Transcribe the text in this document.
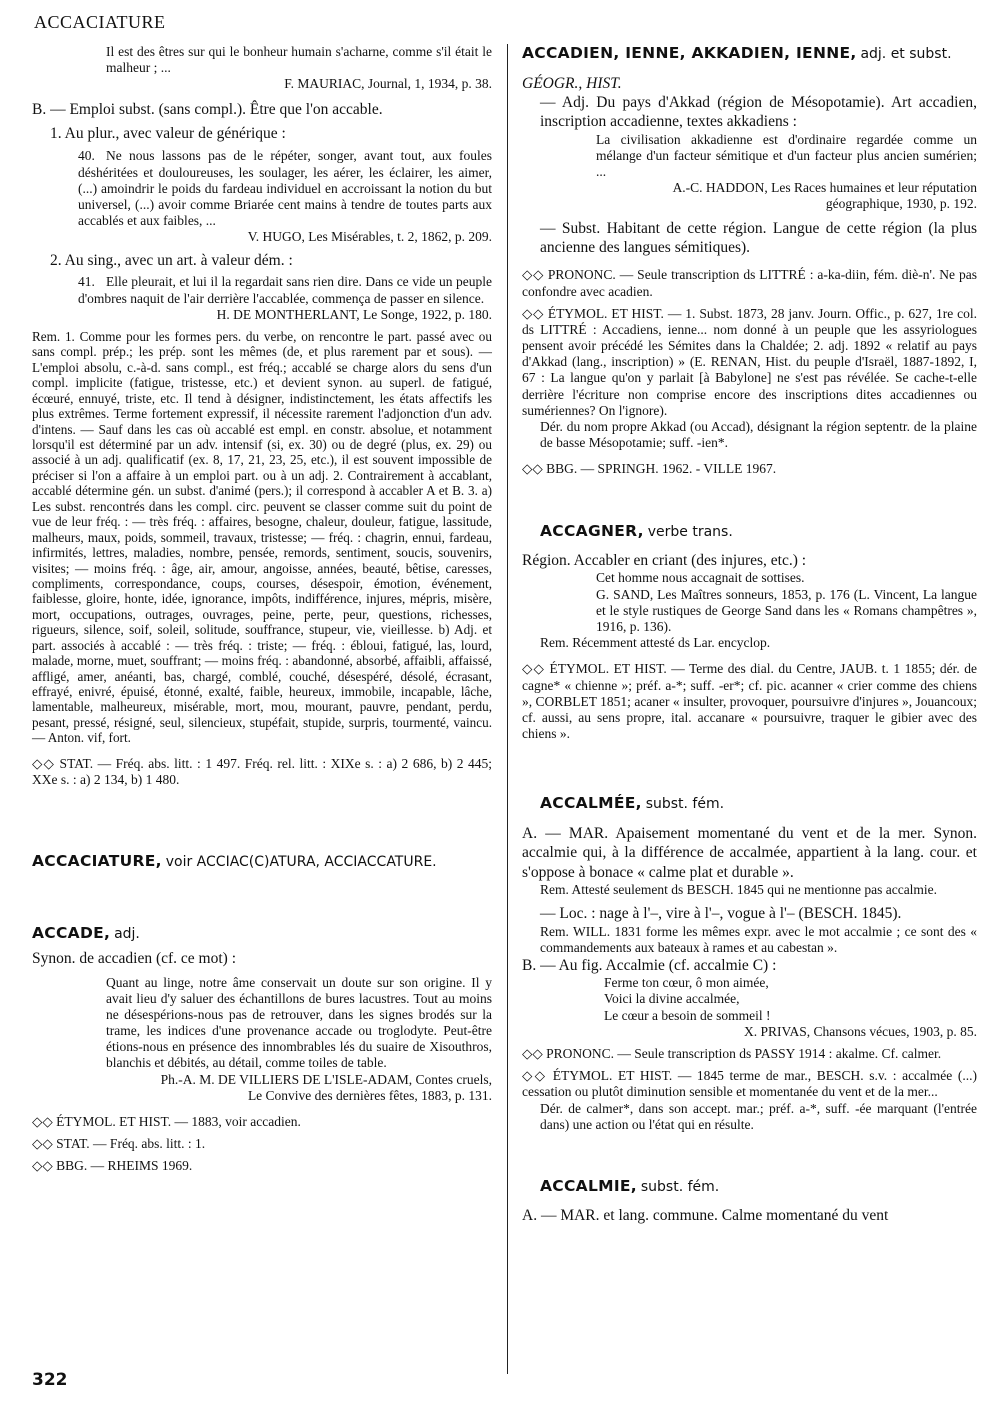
ACCACIATURE

Il est des êtres sur qui le bonheur humain s'acharne, comme s'il était le malheur ; ...

F. MAURIAC, Journal, 1, 1934, p. 38.

B. — Emploi subst. (sans compl.). Être que l'on accable.

1. Au plur., avec valeur de générique :

40. Ne nous lassons pas de le répéter, songer, avant tout, aux foules déshéritées et douloureuses, les soulager, les aérer, les éclairer, les aimer, (...) amoindrir le poids du fardeau individuel en accroissant la notion du but universel, (...) avoir comme Briarée cent mains à tendre de toutes parts aux accablés et aux faibles, ...

V. HUGO, Les Misérables, t. 2, 1862, p. 209.

2. Au sing., avec un art. à valeur dém. :

41. Elle pleurait, et lui il la regardait sans rien dire. Dans ce vide un peuple d'ombres naquit de l'air derrière l'accablée, commença de passer en silence.

H. DE MONTHERLANT, Le Songe, 1922, p. 180.

Rem. 1. Comme pour les formes pers. du verbe, on rencontre le part. passé avec ou sans compl. prép.; les prép. sont les mêmes (de, et plus rarement par et sous). — L'emploi absolu, c.-à-d. sans compl., est fréq.; accablé se charge alors du sens d'un compl. implicite (fatigue, tristesse, etc.) et devient synon. au superl. de fatigué, écœuré, ennuyé, triste, etc. Il tend à désigner, indistinctement, les états affectifs les plus extrêmes. Terme fortement expressif, il nécessite rarement l'adjonction d'un adv. d'intens. — Sauf dans les cas où accablé est empl. en constr. absolue, et notamment lorsqu'il est déterminé par un adv. intensif (si, ex. 30) ou de degré (plus, ex. 29) ou associé à un adj. qualificatif (ex. 8, 17, 21, 23, 25, etc.), il est souvent impossible de préciser si l'on a affaire à un emploi part. ou à un adj. 2. Contrairement à accablant, accablé détermine gén. un subst. d'animé (pers.); il correspond à accabler A et B. 3. a) Les subst. rencontrés dans les compl. circ. peuvent se classer comme suit du point de vue de leur fréq. : — très fréq. : affaires, besogne, chaleur, douleur, fatigue, lassitude, malheurs, maux, poids, sommeil, travaux, tristesse; — fréq. : chagrin, ennui, fardeau, infirmités, lettres, maladies, nombre, pensée, remords, sentiment, soucis, souvenirs, visites; — moins fréq. : âge, air, amour, angoisse, années, beauté, bêtise, caresses, compliments, correspondance, coups, courses, désespoir, émotion, événement, faiblesse, gloire, honte, idée, ignorance, impôts, indifférence, injures, mépris, misère, mort, occupations, outrages, ouvrages, peine, perte, peur, questions, richesses, rigueurs, silence, soif, soleil, solitude, souffrance, stupeur, vie, vieillesse. b) Adj. et part. associés à accablé : — très fréq. : triste; — fréq. : ébloui, fatigué, las, lourd, malade, morne, muet, souffrant; — moins fréq. : abandonné, absorbé, affaibli, affaissé, affligé, amer, anéanti, bas, chargé, comblé, couché, désespéré, désolé, écrasant, effrayé, enivré, épuisé, étonné, exalté, faible, heureux, immobile, incapable, lâche, lamentable, malheureux, misérable, mort, mou, mourant, pauvre, pendant, perdu, pesant, pressé, résigné, seul, silencieux, stupéfait, stupide, surpris, tourmenté, vaincu. — Anton. vif, fort.

◇◇ STAT. — Fréq. abs. litt. : 1 497. Fréq. rel. litt. : XIXe s. : a) 2 686, b) 2 445; XXe s. : a) 2 134, b) 1 480.

ACCACIATURE, voir ACCIAC(C)ATURA, ACCIACCATURE.

ACCADE, adj.

Synon. de accadien (cf. ce mot) :

Quant au linge, notre âme conservait un doute sur son origine. Il y avait lieu d'y saluer des échantillons de bures lacustres. Tout au moins ne désespérions-nous pas de retrouver, dans les signes brodés sur la trame, les indices d'une provenance accade ou troglodyte. Peut-être étions-nous en présence des innombrables lés du suaire de Xisouthros, blanchis et débités, au détail, comme toiles de table.

Ph.-A. M. DE VILLIERS DE L'ISLE-ADAM, Contes cruels,

Le Convive des dernières fêtes, 1883, p. 131.

◇◇ ÉTYMOL. ET HIST. — 1883, voir accadien.

◇◇ STAT. — Fréq. abs. litt. : 1.

◇◇ BBG. — RHEIMS 1969.

322

ACCADIEN, IENNE, AKKADIEN, IENNE, adj. et subst.

GÉOGR., HIST.

— Adj. Du pays d'Akkad (région de Mésopotamie). Art accadien, inscription accadienne, textes akkadiens :

La civilisation akkadienne est d'ordinaire regardée comme un mélange d'un facteur sémitique et d'un facteur plus ancien sumérien; ...

A.-C. HADDON, Les Races humaines et leur réputation

géographique, 1930, p. 192.

— Subst. Habitant de cette région. Langue de cette région (la plus ancienne des langues sémitiques).

◇◇ PRONONC. — Seule transcription ds LITTRÉ : a-ka-diin, fém. diè-n'. Ne pas confondre avec acadien.

◇◇ ÉTYMOL. ET HIST. — 1. Subst. 1873, 28 janv. Journ. Offic., p. 627, 1re col. ds LITTRÉ : Accadiens, ienne... nom donné à un peuple que les assyriologues pensent avoir précédé les Sémites dans la Chaldée; 2. adj. 1892 « relatif au pays d'Akkad (lang., inscription) » (E. RENAN, Hist. du peuple d'Israël, 1887-1892, I, 67 : La langue qu'on y parlait [à Babylone] ne s'est pas révélée. Se cache-t-elle derrière l'écriture non comprise encore des inscriptions dites accadiennes ou sumériennes? On l'ignore).

Dér. du nom propre Akkad (ou Accad), désignant la région septentr. de la plaine de basse Mésopotamie; suff. -ien*.

◇◇ BBG. — SPRINGH. 1962. - VILLE 1967.

ACCAGNER, verbe trans.

Région. Accabler en criant (des injures, etc.) :

Cet homme nous accagnait de sottises.

G. SAND, Les Maîtres sonneurs, 1853, p. 176 (L. Vincent, La langue et le style rustiques de George Sand dans les « Romans champêtres », 1916, p. 136).

Rem. Récemment attesté ds Lar. encyclop.

◇◇ ÉTYMOL. ET HIST. — Terme des dial. du Centre, JAUB. t. 1 1855; dér. de cagne* « chienne »; préf. a-*; suff. -er*; cf. pic. acanner « crier comme des chiens », CORBLET 1851; acaner « insulter, provoquer, poursuivre d'injures », Jouancoux; cf. aussi, au sens propre, ital. accanare « poursuivre, traquer le gibier avec des chiens ».

ACCALMÉE, subst. fém.

A. — MAR. Apaisement momentané du vent et de la mer. Synon. accalmie qui, à la différence de accalmée, appartient à la lang. cour. et s'oppose à bonace « calme plat et durable ».

Rem. Attesté seulement ds BESCH. 1845 qui ne mentionne pas accalmie.

— Loc. : nage à l'–, vire à l'–, vogue à l'– (BESCH. 1845).

Rem. WILL. 1831 forme les mêmes expr. avec le mot accalmie ; ce sont des « commandements aux bateaux à rames et au cabestan ».

B. — Au fig. Accalmie (cf. accalmie C) :

Ferme ton cœur, ô mon aimée,

Voici la divine accalmée,

Le cœur a besoin de sommeil !

X. PRIVAS, Chansons vécues, 1903, p. 85.

◇◇ PRONONC. — Seule transcription ds PASSY 1914 : akalme. Cf. calmer.

◇◇ ÉTYMOL. ET HIST. — 1845 terme de mar., BESCH. s.v. : accalmée (...) cessation ou plutôt diminution sensible et momentanée du vent et de la mer...

Dér. de calmer*, dans son accept. mar.; préf. a-*, suff. -ée marquant (l'entrée dans) une action ou l'état qui en résulte.

ACCALMIE, subst. fém.

A. — MAR. et lang. commune. Calme momentané du vent
